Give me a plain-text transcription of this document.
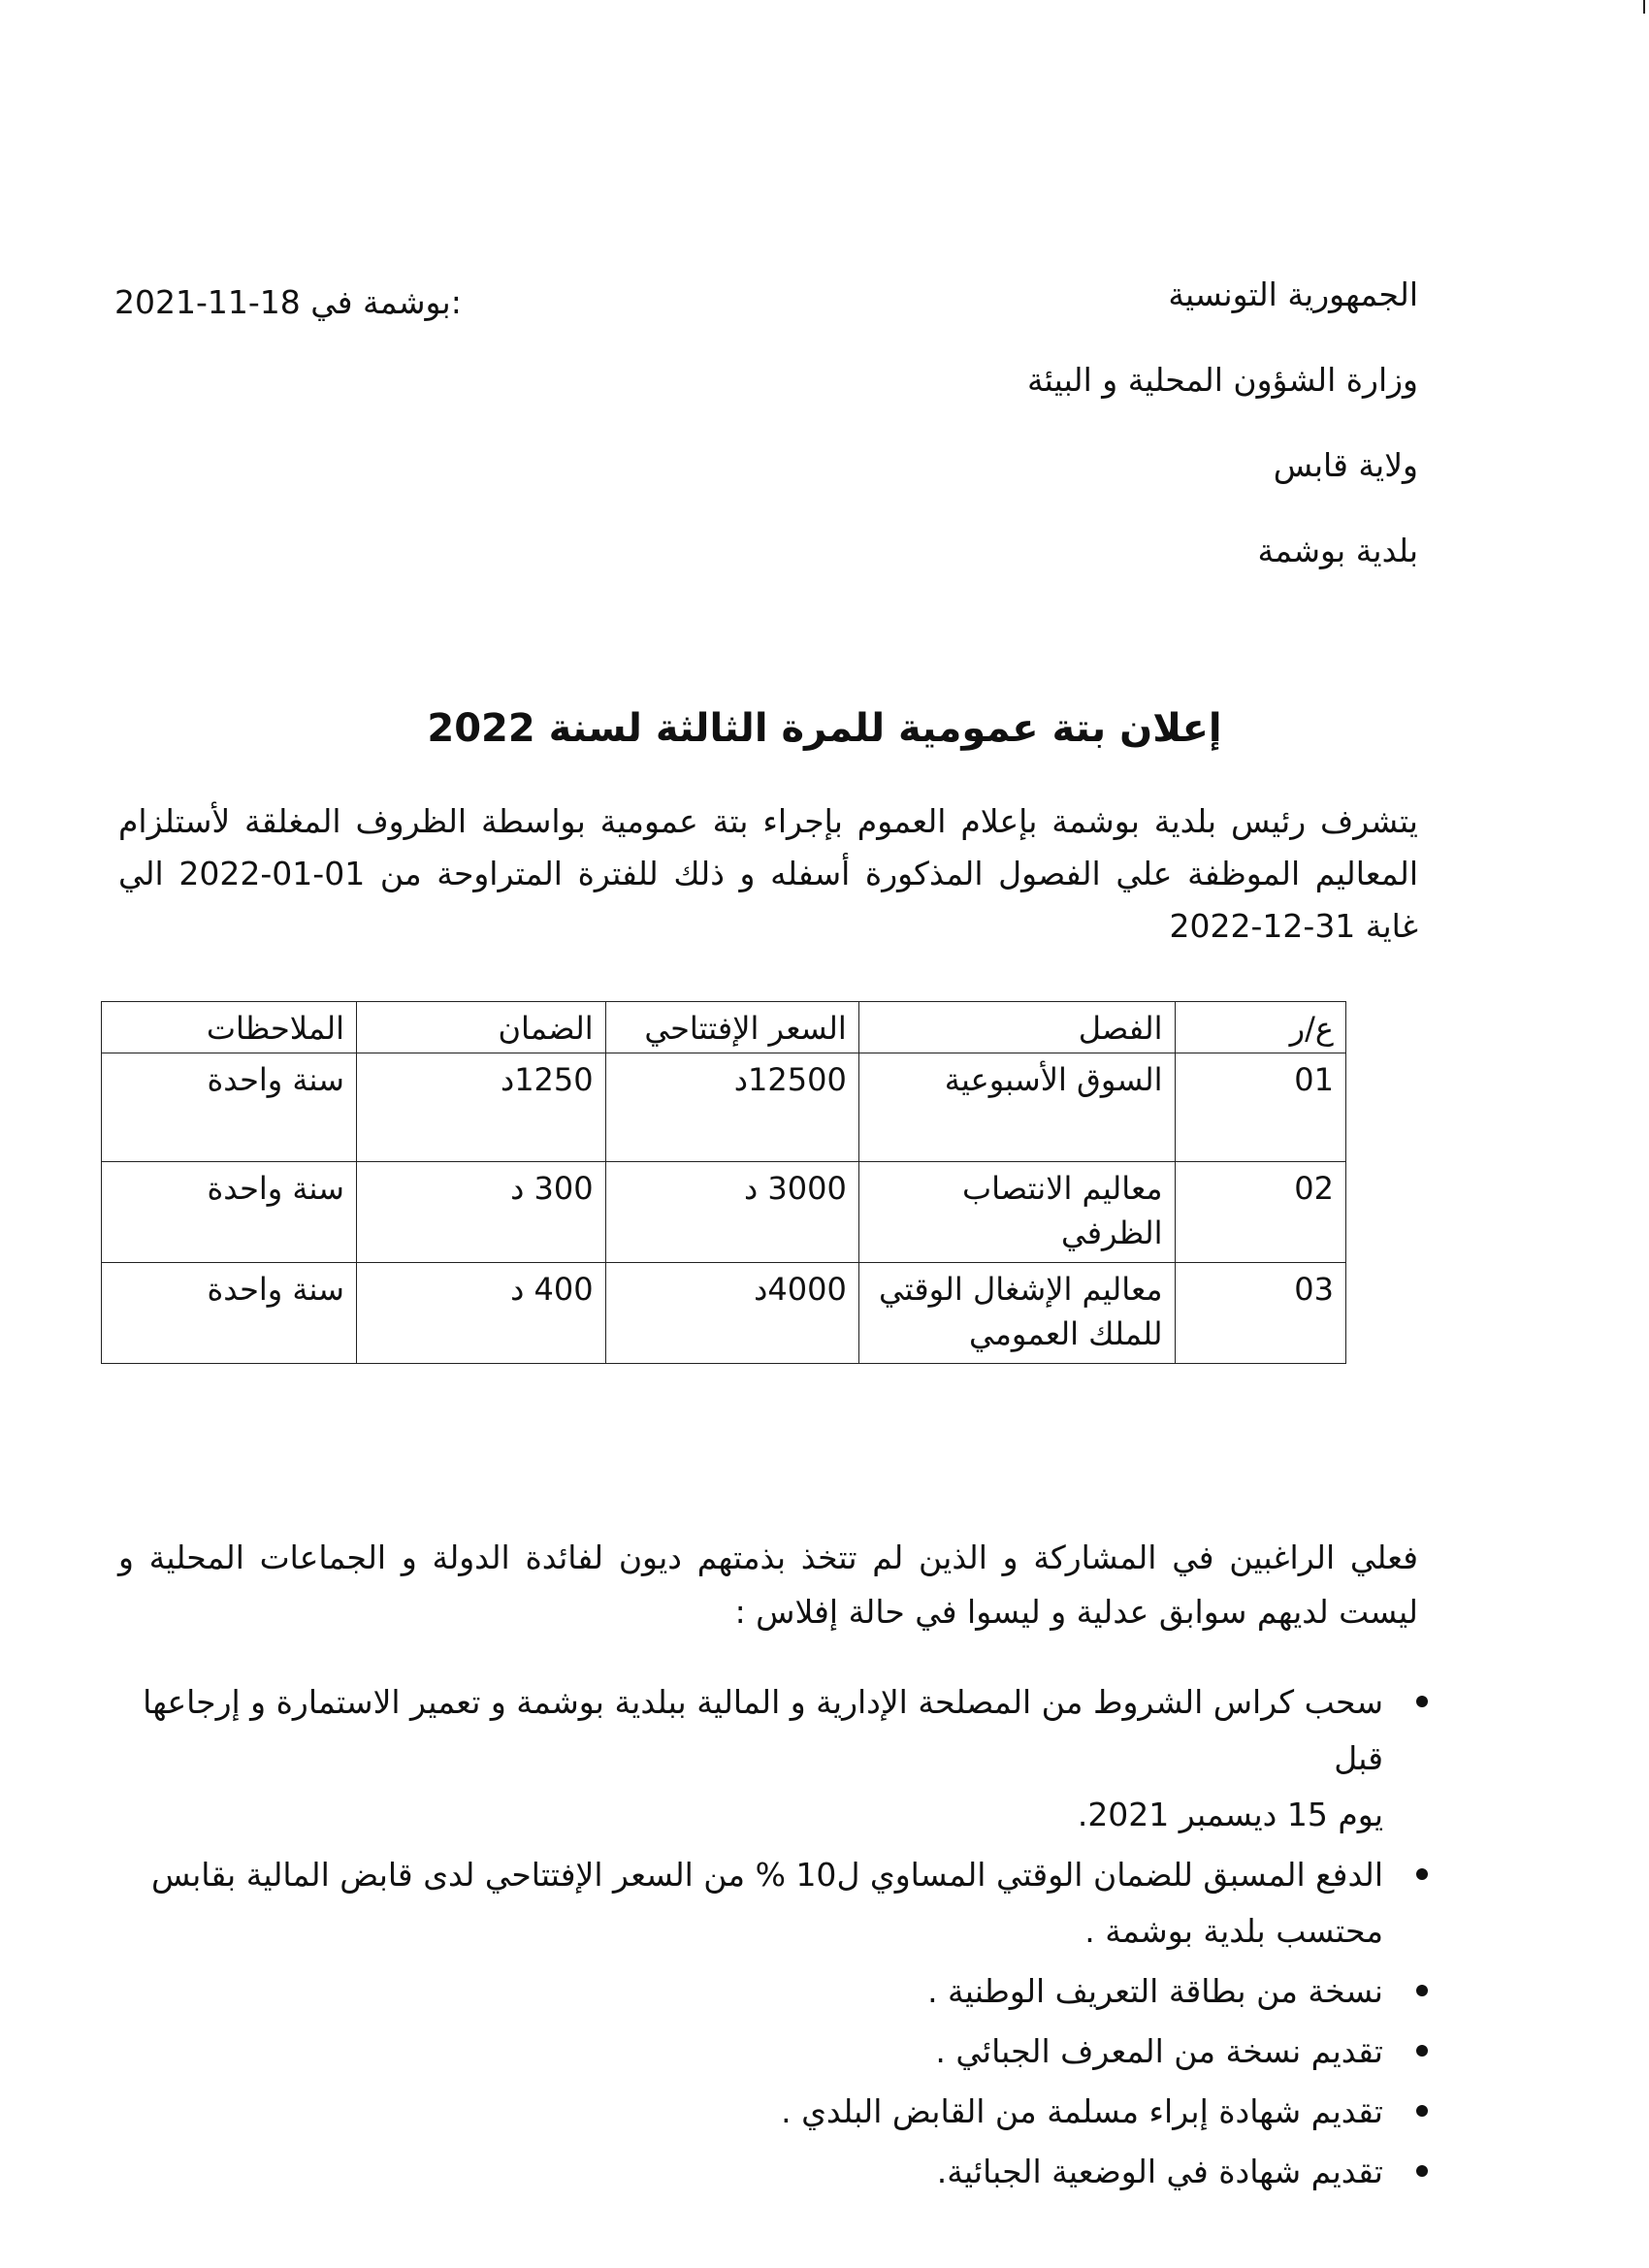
2021-11-18 بوشمة في:	الجمهورية التونسية
وزارة الشؤون المحلية و البيئة
ولاية قابس
بلدية بوشمة
إعلان بتة عمومية للمرة الثالثة لسنة 2022
يتشرف رئيس بلدية بوشمة بإعلام العموم بإجراء بتة عمومية بواسطة الظروف المغلقة لأستلزام المعاليم الموظفة علي الفصول المذكورة أسفله و ذلك للفترة المتراوحة من 01-01-2022 الي غاية 31-12-2022
ع/ر	الفصل	السعر الإفتتاحي	الضمان	الملاحظات
01	السوق الأسبوعية	12500د	1250د	سنة واحدة
02	معاليم الانتصاب الظرفي	3000 د	300 د	سنة واحدة
03	معاليم الإشغال الوقتي للملك العمومي	4000د	400 د	سنة واحدة
فعلي الراغبين في المشاركة و الذين لم تتخذ بذمتهم ديون لفائدة الدولة و الجماعات المحلية و ليست لديهم سوابق عدلية و ليسوا في حالة إفلاس :
سحب كراس الشروط من المصلحة الإدارية و المالية ببلدية بوشمة و تعمير الاستمارة و إرجاعها قبل
يوم 15 ديسمبر 2021.
الدفع المسبق للضمان الوقتي المساوي ل10 % من السعر الإفتتاحي لدى قابض المالية بقابس محتسب بلدية بوشمة .
نسخة من بطاقة التعريف الوطنية .
تقديم نسخة من المعرف الجبائي .
تقديم شهادة إبراء مسلمة من القابض البلدي .
تقديم شهادة في الوضعية الجبائية.
